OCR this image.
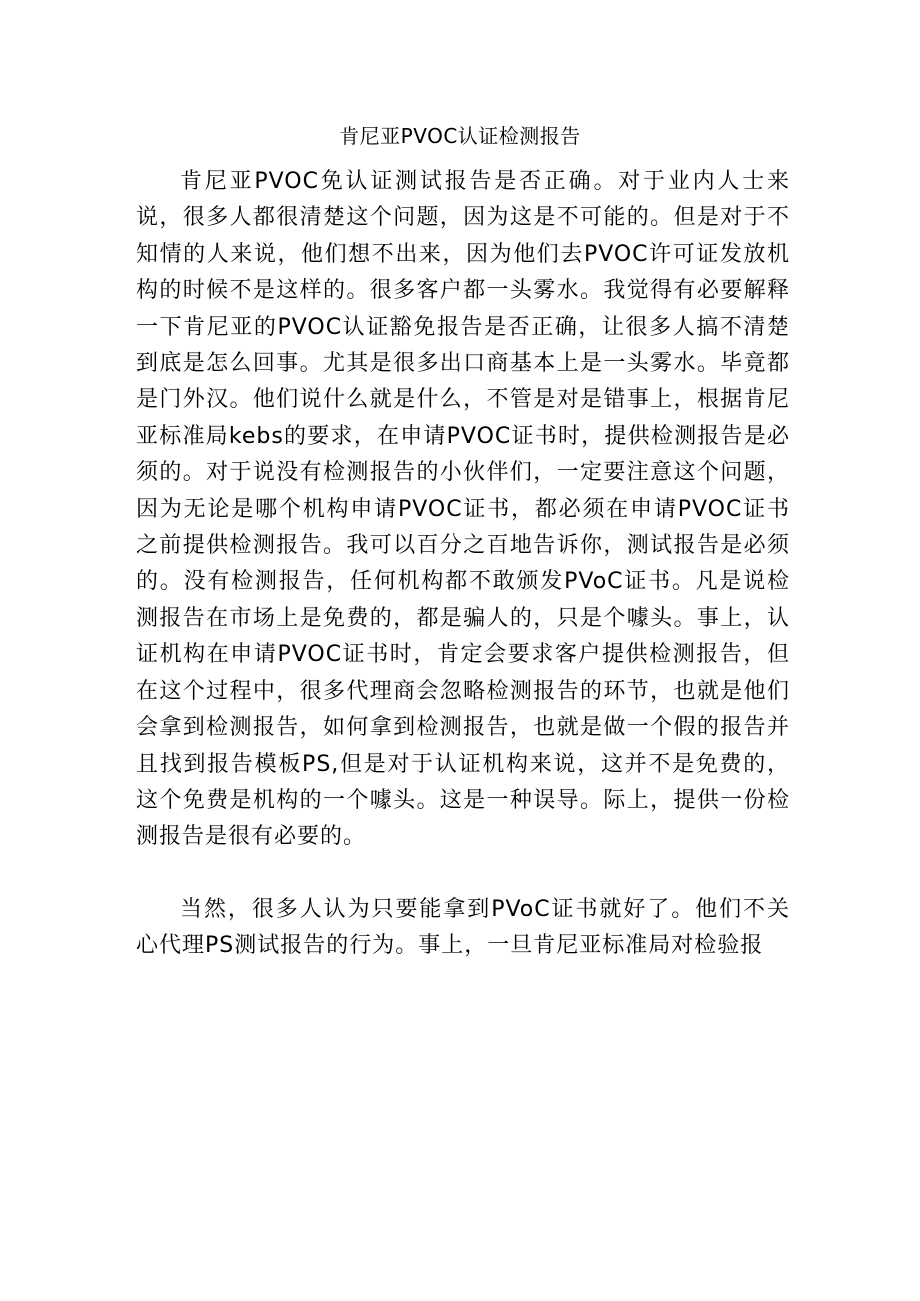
肯尼亚PVOC认证检测报告

肯尼亚PVOC免认证测试报告是否正确。对于业内人士来说，很多人都很清楚这个问题，因为这是不可能的。但是对于不知情的人来说，他们想不出来，因为他们去PVOC许可证发放机构的时候不是这样的。很多客户都一头雾水。我觉得有必要解释一下肯尼亚的PVOC认证豁免报告是否正确，让很多人搞不清楚到底是怎么回事。尤其是很多出口商基本上是一头雾水。毕竟都是门外汉。他们说什么就是什么，不管是对是错事上，根据肯尼亚标准局kebs的要求，在申请PVOC证书时，提供检测报告是必须的。对于说没有检测报告的小伙伴们，一定要注意这个问题，因为无论是哪个机构申请PVOC证书，都必须在申请PVOC证书之前提供检测报告。我可以百分之百地告诉你，测试报告是必须的。没有检测报告，任何机构都不敢颁发PVoC证书。凡是说检测报告在市场上是免费的，都是骗人的，只是个噱头。事上，认证机构在申请PVOC证书时，肯定会要求客户提供检测报告，但在这个过程中，很多代理商会忽略检测报告的环节，也就是他们会拿到检测报告，如何拿到检测报告，也就是做一个假的报告并且找到报告模板PS,但是对于认证机构来说，这并不是免费的，这个免费是机构的一个噱头。这是一种误导。际上，提供一份检测报告是很有必要的。

当然，很多人认为只要能拿到PVoC证书就好了。他们不关心代理PS测试报告的行为。事上，一旦肯尼亚标准局对检验报
